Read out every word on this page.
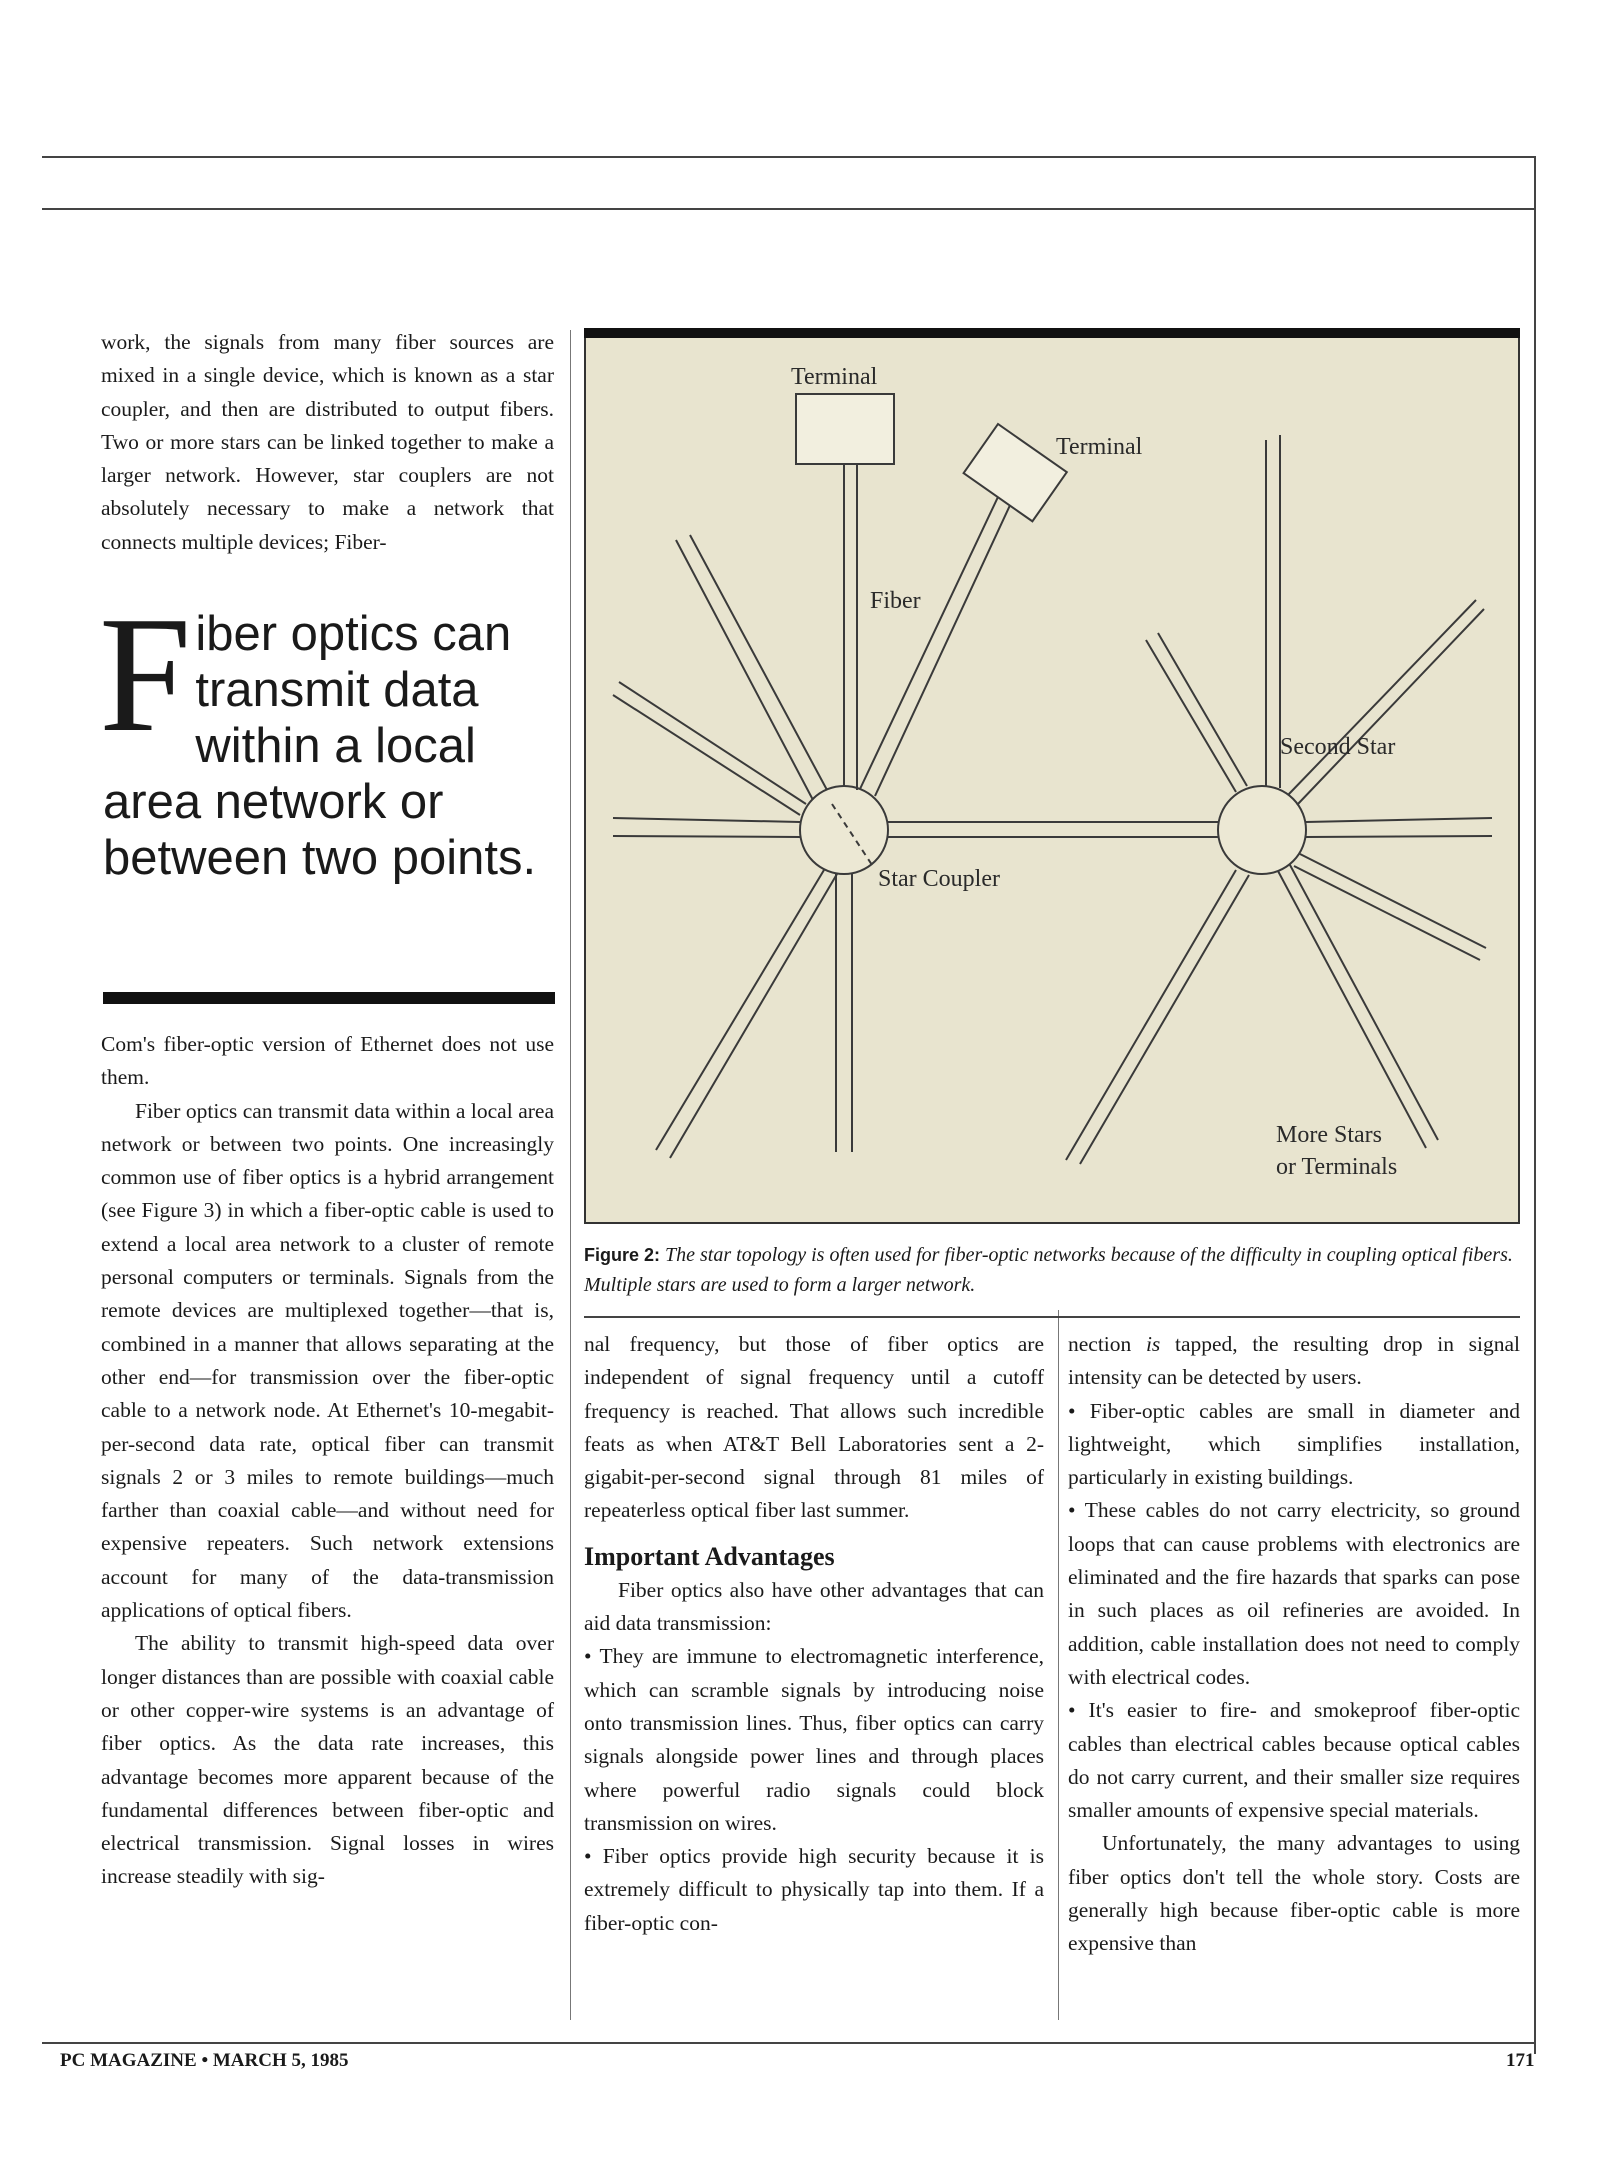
work, the signals from many fiber sources are mixed in a single device, which is known as a star coupler, and then are distributed to output fibers. Two or more stars can be linked together to make a larger network. However, star couplers are not absolutely necessary to make a network that connects multiple devices; Fiber-

F iber optics can transmit data within a local area network or between two points.

Com's fiber-optic version of Ethernet does not use them.

Fiber optics can transmit data within a local area network or between two points. One increasingly common use of fiber optics is a hybrid arrangement (see Figure 3) in which a fiber-optic cable is used to extend a local area network to a cluster of remote personal computers or terminals. Signals from the remote devices are multiplexed together—that is, combined in a manner that allows separating at the other end—for transmission over the fiber-optic cable to a network node. At Ethernet's 10-megabit-per-second data rate, optical fiber can transmit signals 2 or 3 miles to remote buildings—much farther than coaxial cable—and without need for expensive repeaters. Such network extensions account for many of the data-transmission applications of optical fibers.

The ability to transmit high-speed data over longer distances than are possible with coaxial cable or other copper-wire systems is an advantage of fiber optics. As the data rate increases, this advantage becomes more apparent because of the fundamental differences between fiber-optic and electrical transmission. Signal losses in wires increase steadily with sig-

Terminal
Terminal
Fiber
Star Coupler
Second Star
More Stars
or Terminals
Figure 2: The star topology is often used for fiber-optic networks because of the difficulty in coupling optical fibers. Multiple stars are used to form a larger network.

nal frequency, but those of fiber optics are independent of signal frequency until a cutoff frequency is reached. That allows such incredible feats as when AT&T Bell Laboratories sent a 2-gigabit-per-second signal through 81 miles of repeaterless optical fiber last summer.

Important Advantages

Fiber optics also have other advantages that can aid data transmission:

• They are immune to electromagnetic interference, which can scramble signals by introducing noise onto transmission lines. Thus, fiber optics can carry signals alongside power lines and through places where powerful radio signals could block transmission on wires.

• Fiber optics provide high security because it is extremely difficult to physically tap into them. If a fiber-optic con-

nection is tapped, the resulting drop in signal intensity can be detected by users.

• Fiber-optic cables are small in diameter and lightweight, which simplifies installation, particularly in existing buildings.

• These cables do not carry electricity, so ground loops that can cause problems with electronics are eliminated and the fire hazards that sparks can pose in such places as oil refineries are avoided. In addition, cable installation does not need to comply with electrical codes.

• It's easier to fire- and smokeproof fiber-optic cables than electrical cables because optical cables do not carry current, and their smaller size requires smaller amounts of expensive special materials.

Unfortunately, the many advantages to using fiber optics don't tell the whole story. Costs are generally high because fiber-optic cable is more expensive than

PC MAGAZINE • MARCH 5, 1985	171
